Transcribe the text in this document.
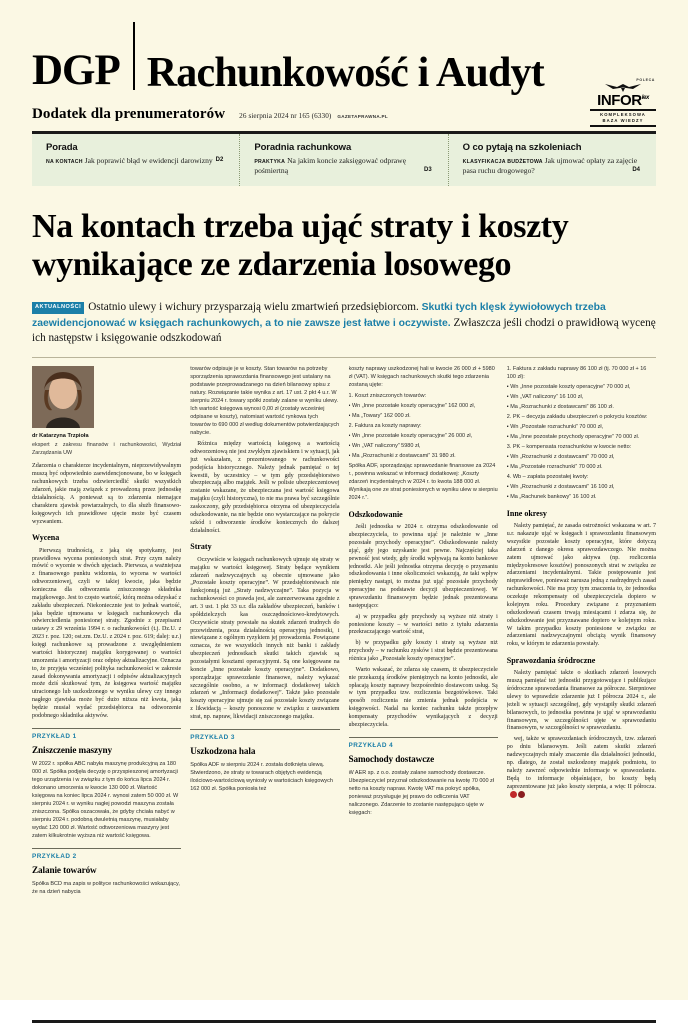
DGP Rachunkowość i Audyt
Dodatek dla prenumeratorów 26 sierpnia 2024 nr 165 (6330) GAZETAPRAWNA.PL
POLECA
$INFOR^{lex}$
KOMPLEKSOWA
BAZA WIEDZY
Porada

NA KONTACH Jak poprawić błąd w ewidencji darowizny D2

Poradnia rachunkowa

PRAKTYKA Na jakim koncie zaksięgować odprawę pośmiertną	D3

O co pytają na szkoleniach

KLASYFIKACJA BUDŻETOWA Jak ujmować opłaty za zajęcie pasa ruchu drogowego?	D4

Na kontach trzeba ująć straty i koszty wynikające ze zdarzenia losowego

AKTUALNOŚCI Ostatnio ulewy i wichury przysparzają wielu zmartwień przedsiębiorcom. Skutki tych klęsk żywiołowych trzeba zaewidencjonować w księgach rachunkowych, a to nie zawsze jest łatwe i oczywiste. Zwłaszcza jeśli chodzi o prawidłową wycenę ich następstw i księgowanie odszkodowań

dr Katarzyna Trzpioła
ekspert z zakresu finansów i rachunkowości, Wydział Zarządzania UW

Zdarzenia o charakterze incydentalnym, nieprzewidywalnym muszą być odpowiednio zaewidencjonowane, bo w księgach rachunkowych trzeba odzwierciedlić skutki wszystkich zdarzeń, jakie mają związek z prowadzoną przez jednostkę działalnością. A ponieważ są to zdarzenia niemające charakteru zjawisk powtarzalnych, to dla służb finansowo-księgowych ich prawidłowe ujęcie może być czasem wyzwaniem.

Wycena

Pierwszą trudnością, z jaką się spotykamy, jest prawidłowa wycena poniesionych strat. Przy czym należy mówić o wycenie w dwóch ujęciach. Pierwsza, a ważniejsza z finansowego punktu widzenia, to wycena w wartości odtworzeniowej, czyli w takiej kwocie, jaka będzie konieczna dla odtworzenia zniszczonego składnika majątkowego. Jest to często wartość, którą można odzyskać z zakładu ubezpieczeń. Niekoniecznie jest to jednak wartość, jaka będzie ujmowana w księgach rachunkowych dla odwierciedlenia poniesionej straty. Zgodnie z przepisami ustawy z 29 września 1994 r. o rachunkowości (t.j. Dz.U. z 2023 r. poz. 120; ost.zm. Dz.U. z 2024 r. poz. 619; dalej: u.r.) księgi rachunkowe są prowadzone z uwzględnieniem wartości historycznej majątku korygowanej o wartości umorzenia i amortyzacji oraz odpisy aktualizacyjne. Oznacza to, że przyjęta wcześniej polityka rachunkowości w zakresie zasad dokonywania amortyzacji i odpisów aktualizacyjnych może dziś skutkować tym, że księgowa wartość majątku utracionego lub uszkodzonego w wyniku ulewy czy innego nagłego zjawiska może być dużo niższa niż kwota, jaką będzie musiał wydać przedsiębiorca na odtworzenie podobnego składnika aktywów.

PRZYKŁAD 1
Zniszczenie maszyny

W 2022 r. spółka ABC nabyła maszynę produkcyjną za 180 000 zł. Spółka podjęła decyzję o przyspieszonej amortyzacji tego urządzenia i w związku z tym do końca lipca 2024 r. dokonano umorzenia w kwocie 130 000 zł. Wartość księgowa na koniec lipca 2024 r. wynosi zatem 50 000 zł. W sierpniu 2024 r. w wyniku nagłej powodzi maszyna została zniszczona. Spółka oszacowała, że gdyby chciała nabyć w sierpniu 2024 r. podobną dwuletnią maszynę, musiałaby wydać 120 000 zł. Wartość odtworzeniowa maszyny jest zatem kilkukrotnie wyższa niż wartość księgowa.

PRZYKŁAD 2
Zalanie towarów

Spółka BCD ma zapis w polityce rachunkowości wskazujący, że na dzień nabycia

towarów odpisuje je w koszty. Stan towarów na potrzeby sporządzenia sprawozdania finansowego jest ustalany na podstawie przeprowadzanego na dzień bilansowy spisu z natury. Rozwiązanie takie wynika z art. 17 ust. 2 pkt 4 u.r. W sierpniu 2024 r. towary spółki zostały zalane w wyniku ulewy. Ich wartość księgowa wynosi 0,00 zł (zostały wcześniej odpisane w koszty), natomiast wartość rynkowa tych towarów to 690 000 zł według dokumentów potwierdzających nabycie.

Różnica między wartością księgową a wartością odtworzeniową nie jest zwykłym zjawiskiem i w sytuacji, jak już wskazałam, z prezentowanego w rachunkowości podejścia historycznego. Należy jednak pamiętać o tej kwestii, by uczestnicy – w tym gdy przedsiębiorstwo ubezpieczają albo majątek. Jeśli w polisie ubezpieczeniowej zostanie wskazane, że ubezpieczana jest wartość księgowa majątku (czyli historyczna), to nie ma prawa być szczególnie zaskoczony, gdy przedsiębiorca otrzyma od ubezpieczyciela odszkodowanie, na nie będzie ono wystarczające na pokrycie szkód i odtworzenie środków koniecznych do dalszej działalności.

Straty

Oczywiście w księgach rachunkowych ujmuje się straty w majątku w wartości księgowej. Straty będące wynikiem zdarzeń nadzwyczajnych są obecnie ujmowane jako „Pozostałe koszty operacyjne”. W przedsiębiorstwach nie funkcjonują już „Straty nadzwyczajne”. Taka pozycja w rachunkowości co prawda jest, ale zarezerwowana zgodnie z art. 3 ust. 1 pkt 33 u.r. dla zakładów ubezpieczeń, banków i spółdzielczych kas oszczędnościowo-kredytowych. Oczywiście straty powstałe na skutek zdarzeń trudnych do przewidzenia, poza działalnością operacyjną jednostki, i niewiązane z ogólnym ryzykiem jej prowadzenia. Powiązane oznacza, że we wszystkich innych niż banki i zakłady ubezpieczeń jednostkach skutki takich zjawisk są pozostałymi kosztami operacyjnymi. Są one księgowane na koncie „Inne pozostałe koszty operacyjne”. Dodatkowo, sporządzając sprawozdanie finansowe, należy wykazać szczególnie osobno, a w informacji dodatkowej takich zdarzeń w „Informacji dodatkowej”. Także jako pozostałe koszty operacyjne ujmuje się zaś pozostałe koszty związane z likwidacją – koszty ponoszone w związku z usuwaniem strat, np. napraw, likwidacji zniszczonego majątku.

PRZYKŁAD 3
Uszkodzona hala

Spółka ADF w sierpniu 2024 r. została dotknięta ulewą. Stwierdzono, że straty w towarach objętych ewidencją ilościowo-wartościową wyniosły w wartościach księgowych 162 000 zł. Spółka poniosła też

koszty naprawy uszkodzonej hali w kwocie 26 000 zł + 5980 zł (VAT). W księgach rachunkowych skutki tego zdarzenia zostaną ujęte:

1. Koszt zniszczonych towarów:

▪ Wn „Inne pozostałe koszty operacyjne” 162 000 zł,

▪ Ma „Towary” 162 000 zł.

2. Faktura za koszty naprawy:

▪ Wn „Inne pozostałe koszty operacyjne” 26 000 zł,

▪ Wn „VAT naliczony” 5980 zł,

▪ Ma „Rozrachunki z dostawcami” 31 980 zł.

Spółka ADF, sporządzając sprawozdanie finansowe za 2024 r., powinna wskazać w informacji dodatkowej: „Koszty zdarzeń incydentalnych w 2024 r. to kwota 188 000 zł. Wynikają one ze strat poniesionych w wyniku ulew w sierpniu 2024 r.”.

Odszkodowanie

Jeśli jednostka w 2024 r. otrzyma odszkodowanie od ubezpieczyciela, to powinna ująć je należnie w „Inne pozostałe przychody operacyjne”. Odszkodowanie należy ująć, gdy jego uzyskanie jest pewne. Najczęściej taka pewność jest wtedy, gdy środki wpływają na konto bankowe jednostki. Ale jeśli jednostka otrzyma decyzję o przyznaniu odszkodowania i inne okoliczności wskazują, że taki wpływ pieniędzy nastąpi, to można już ująć pozostałe przychody operacyjne na podstawie decyzji ubezpieczeniowej. W sprawozdaniu finansowym będzie jednak prezentowana następująco:

a) w przypadku gdy przychody są wyższe niż straty i poniesione koszty – w wartości netto z tytułu zdarzenia przekraczającego wartość strat,

b) w przypadku gdy koszty i straty są wyższe niż przychody – w rachunku zysków i strat będzie prezentowana różnica jako „Pozostałe koszty operacyjne”.

Warto wskazać, że zdarza się czasem, iż ubezpieczyciele nie przekazują środków pieniężnych na konto jednostki, ale opłacają koszty naprawy bezpośrednio dostawcom usług. Są w tym przypadku tzw. rozliczenia bezgotówkowe. Taki sposób rozliczenia nie zmienia jednak podejścia w księgowości. Nadal na koniec rachunku także przepływ kompensaty przychodów wynikających z decyzji ubezpieczyciela.

PRZYKŁAD 4
Samochody dostawcze

W AER sp. z o.o. zostały zalane samochody dostawcze. Ubezpieczyciel przyznał odszkodowanie na kwotę 70 000 zł netto na koszty napraw. Kwotę VAT ma pokryć spółka, ponieważ przysługuje jej prawo do odliczenia VAT naliczonego. Zdarzenie to zostanie następująco ujęte w księgach:

1. Faktura z zakładu naprawy 86 100 zł (tj. 70 000 zł + 16 100 zł):

▪ Wn „Inne pozostałe koszty operacyjne” 70 000 zł,

▪ Wn „VAT naliczony” 16 100 zł,

▪ Ma „Rozrachunki z dostawcami” 86 100 zł.

2. PK – decyzja zakładu ubezpieczeń o pokryciu kosztów:

▪ Wn „Pozostałe rozrachunki” 70 000 zł,

▪ Ma „Inne pozostałe przychody operacyjne” 70 000 zł.

3. PK – kompensata rozrachunków w kwocie netto:

▪ Wn „Rozrachunki z dostawcami” 70 000 zł,

▪ Ma „Pozostałe rozrachunki” 70 000 zł.

4. Wb – zapłata pozostałej kwoty:

▪ Wn „Rozrachunki z dostawcami” 16 100 zł,

▪ Ma „Rachunek bankowy” 16 100 zł.

Inne okresy

Należy pamiętać, że zasada ostrożności wskazana w art. 7 u.r. nakazuje ująć w księgach i sprawozdaniu finansowym wszystkie pozostałe koszty operacyjne, które dotyczą zdarzeń z danego okresu sprawozdawczego. Nie można zatem ujmować jako aktywa (np. rozliczenia międzyokresowe kosztów) ponoszonych strat w związku ze zdarzeniami incydentalnymi. Takie postępowanie jest nieprawidłowe, ponieważ narusza jedną z nadrzędnych zasad rachunkowości. Nie ma przy tym znaczenia to, że jednostka oczekuje rekompensaty od ubezpieczyciela dopiero w kolejnym roku. Procedury związane z przyznaniem odszkodowań czasem trwają miesiącami i zdarza się, że odszkodowanie jest przyznawane dopiero w kolejnym roku. W takim przypadku koszty poniesione w związku ze zdarzeniami nadzwyczajnymi obciążą wynik finansowy roku, w którym te zdarzenia powstały.

Sprawozdania śródroczne

Należy pamiętać także o skutkach zdarzeń losowych muszą pamiętać też jednostki przygotowujące i publikujące śródroczne sprawozdania finansowe za półrocze. Sierpniowe ulewy to wprawdzie zdarzenie już I półrocza 2024 r., ale jeżeli w sytuacji szczególnej, gdy wystąpiły skutki zdarzeń bilansowych, to jednostka powinna je ująć w sprawozdaniu finansowym, w szczególności ujęte w sprawozdaniu finansowym, w szczególności w sprawozdaniu.

wej, także w sprawozdaniach śródrocznych, tzw. zdarzeń po dniu bilansowym. Jeśli zatem skutki zdarzeń nadzwyczajnych miały znaczenie dla działalności jednostki, np. dlatego, że został uszkodzony majątek podmiotu, to należy zawrzeć odpowiednie informacje w sprawozdaniu. Będą to informacje objaśniające, bo koszty będą zaprezentowane już jako koszty sierpnia, a więc II półrocza.
